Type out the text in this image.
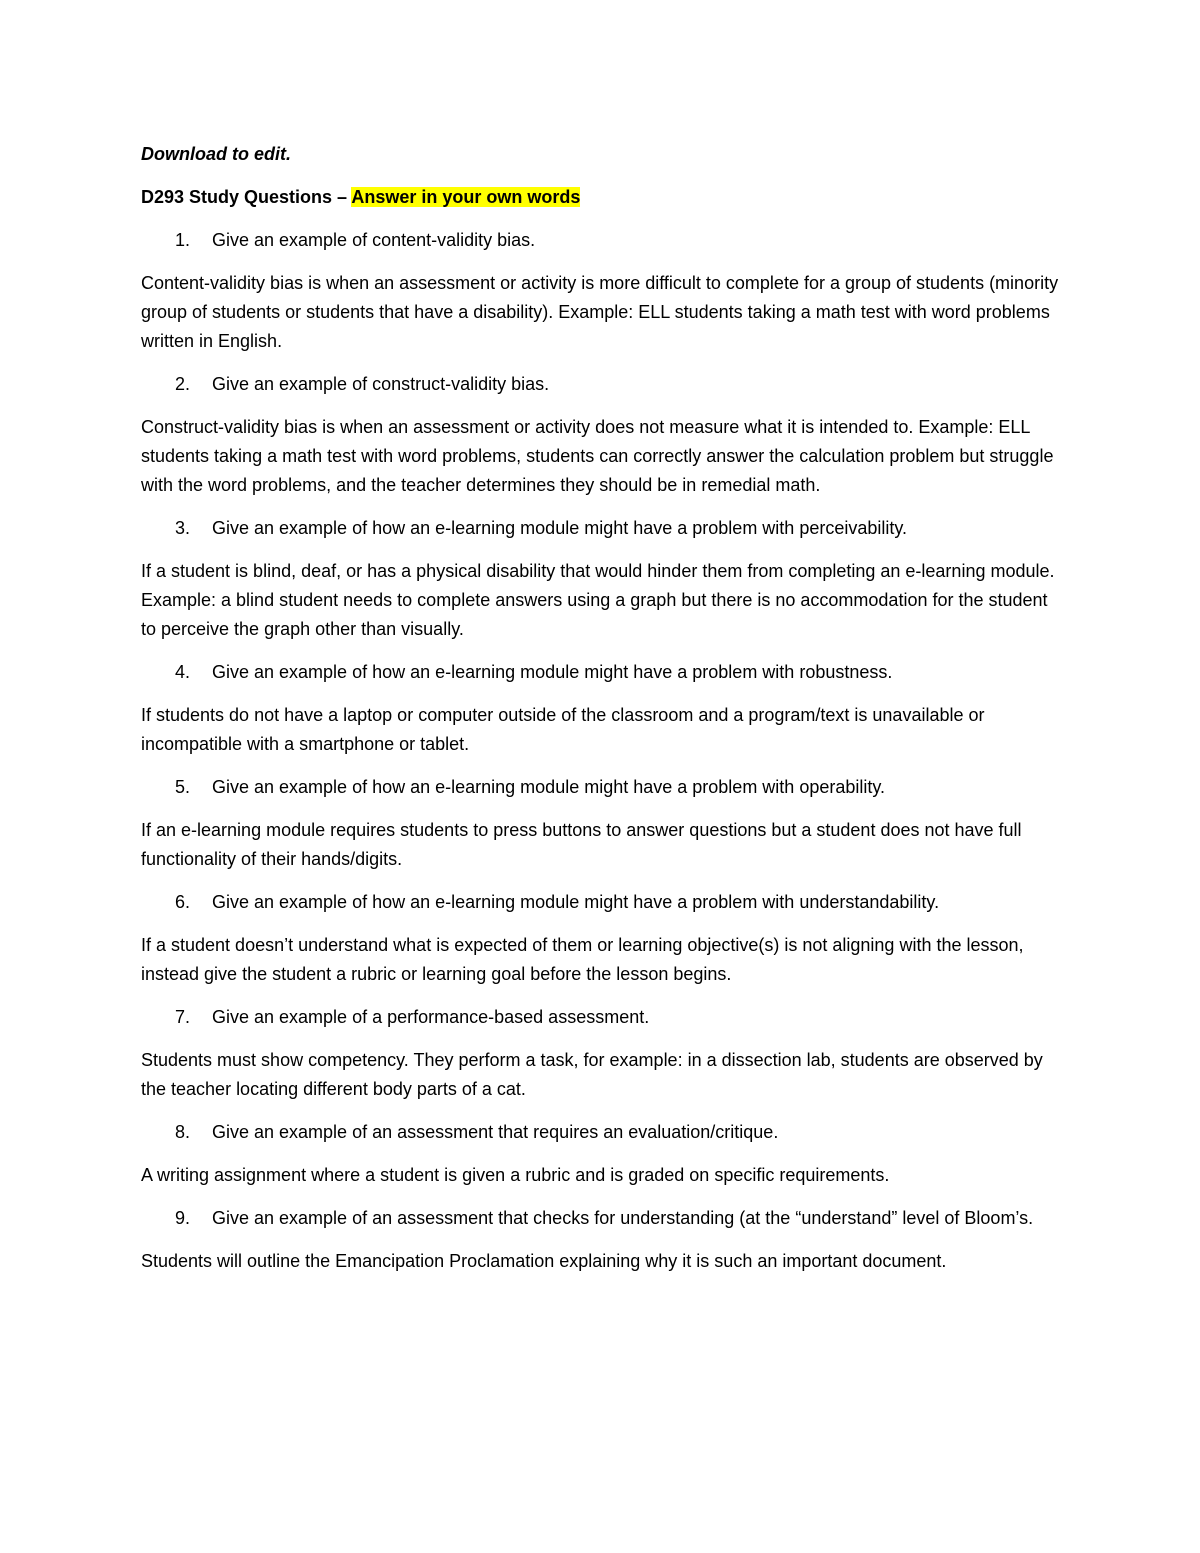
Download to edit.

D293 Study Questions – Answer in your own words

1.	Give an example of content-validity bias.

Content-validity bias is when an assessment or activity is more difficult to complete for a group of students (minority group of students or students that have a disability). Example: ELL students taking a math test with word problems written in English.

2.	Give an example of construct-validity bias.

Construct-validity bias is when an assessment or activity does not measure what it is intended to. Example: ELL students taking a math test with word problems, students can correctly answer the calculation problem but struggle with the word problems, and the teacher determines they should be in remedial math.

3.	Give an example of how an e-learning module might have a problem with perceivability.

If a student is blind, deaf, or has a physical disability that would hinder them from completing an e-learning module. Example: a blind student needs to complete answers using a graph but there is no accommodation for the student to perceive the graph other than visually.

4.	Give an example of how an e-learning module might have a problem with robustness.

If students do not have a laptop or computer outside of the classroom and a program/text is unavailable or incompatible with a smartphone or tablet.

5.	Give an example of how an e-learning module might have a problem with operability.

If an e-learning module requires students to press buttons to answer questions but a student does not have full functionality of their hands/digits.

6.	Give an example of how an e-learning module might have a problem with understandability.

If a student doesn’t understand what is expected of them or learning objective(s) is not aligning with the lesson, instead give the student a rubric or learning goal before the lesson begins.

7.	Give an example of a performance-based assessment.

Students must show competency. They perform a task, for example: in a dissection lab, students are observed by the teacher locating different body parts of a cat.

8.	Give an example of an assessment that requires an evaluation/critique.

A writing assignment where a student is given a rubric and is graded on specific requirements.

9.	Give an example of an assessment that checks for understanding (at the “understand” level of Bloom’s.

Students will outline the Emancipation Proclamation explaining why it is such an important document.
